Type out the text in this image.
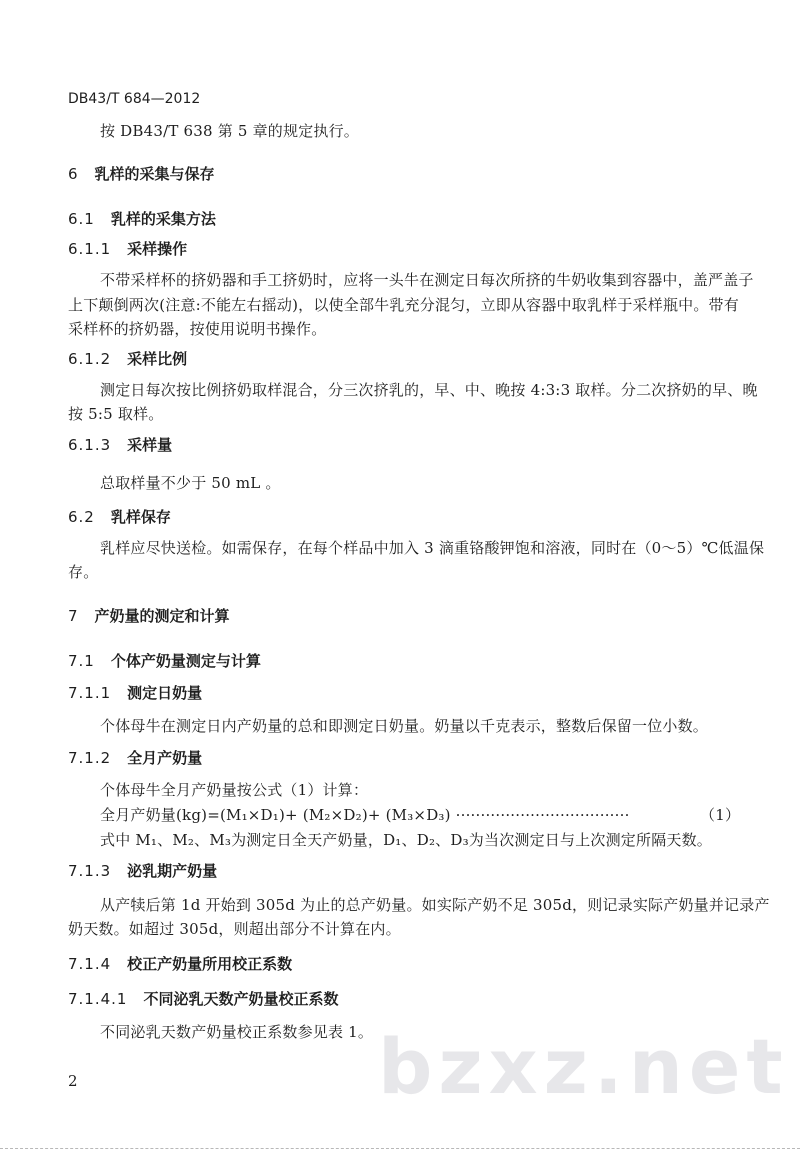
DB43/T 684—2012
按 DB43/T 638 第 5 章的规定执行。
6 乳样的采集与保存
6.1 乳样的采集方法
6.1.1 采样操作
不带采样杯的挤奶器和手工挤奶时，应将一头牛在测定日每次所挤的牛奶收集到容器中，盖严盖子
上下颠倒两次(注意:不能左右摇动)，以使全部牛乳充分混匀，立即从容器中取乳样于采样瓶中。带有
采样杯的挤奶器，按使用说明书操作。
6.1.2 采样比例
测定日每次按比例挤奶取样混合，分三次挤乳的，早、中、晚按 4:3:3 取样。分二次挤奶的早、晚
按 5:5 取样。
6.1.3 采样量
总取样量不少于 50 mL 。
6.2 乳样保存
乳样应尽快送检。如需保存，在每个样品中加入 3 滴重铬酸钾饱和溶液，同时在（0～5）℃低温保
存。
7 产奶量的测定和计算
7.1 个体产奶量测定与计算
7.1.1 测定日奶量
个体母牛在测定日内产奶量的总和即测定日奶量。奶量以千克表示，整数后保留一位小数。
7.1.2 全月产奶量
个体母牛全月产奶量按公式（1）计算：
全月产奶量(kg)=(M₁×D₁)+ (M₂×D₂)+ (M₃×D₃) ···································	（1）
式中 M₁、M₂、M₃为测定日全天产奶量，D₁、D₂、D₃为当次测定日与上次测定所隔天数。
7.1.3 泌乳期产奶量
从产犊后第 1d 开始到 305d 为止的总产奶量。如实际产奶不足 305d，则记录实际产奶量并记录产
奶天数。如超过 305d，则超出部分不计算在内。
7.1.4 校正产奶量所用校正系数
7.1.4.1 不同泌乳天数产奶量校正系数
不同泌乳天数产奶量校正系数参见表 1。 bzxz.net
2
